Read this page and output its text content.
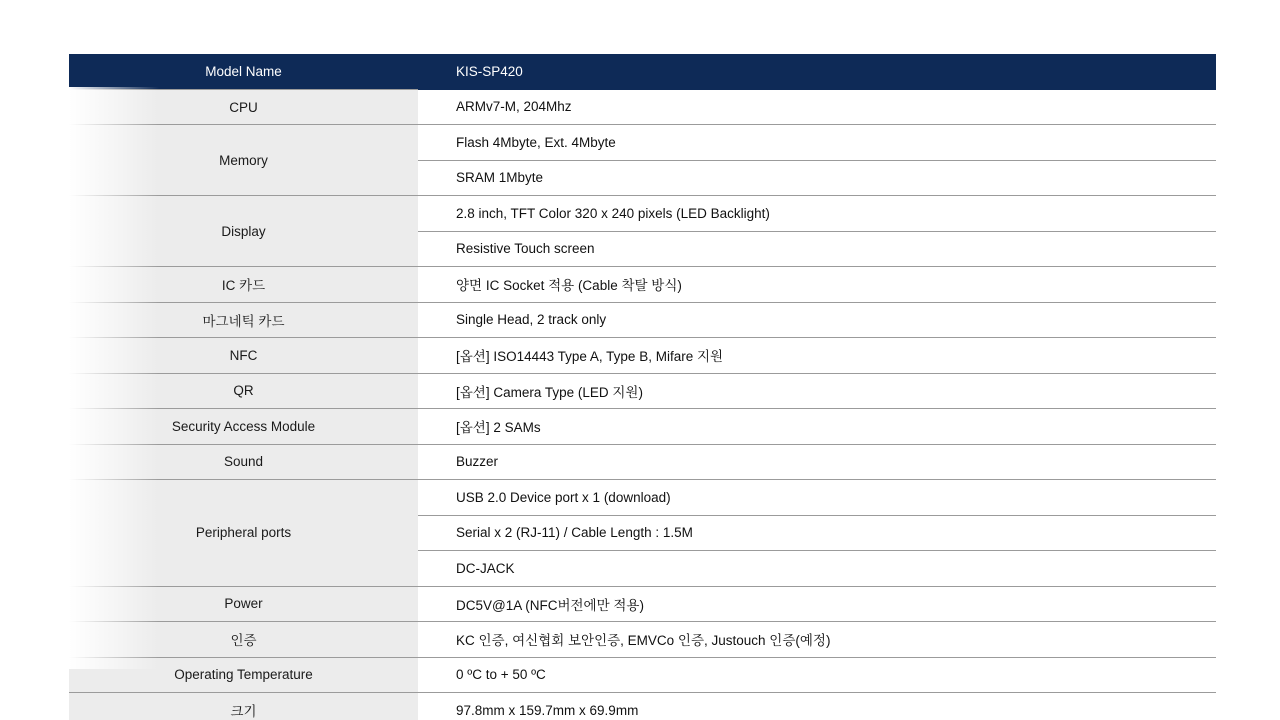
Model Name	KIS-SP420
CPU	ARMv7-M, 204Mhz
Memory	Flash 4Mbyte, Ext. 4Mbyte
	SRAM 1Mbyte
Display	2.8 inch, TFT Color 320 x 240 pixels (LED Backlight)
	Resistive Touch screen
IC 카드	양면 IC Socket 적용 (Cable 착탈 방식)
마그네틱 카드	Single Head, 2 track only
NFC	[옵션] ISO14443 Type A, Type B, Mifare 지원
QR	[옵션] Camera Type (LED 지원)
Security Access Module	[옵션] 2 SAMs
Sound	Buzzer
Peripheral ports	USB 2.0 Device port x 1 (download)
	Serial x 2 (RJ-11) / Cable Length : 1.5M
	DC-JACK
Power	DC5V@1A (NFC버전에만 적용)
인증	KC 인증, 여신협회 보안인증, EMVCo 인증, Justouch 인증(예정)
Operating Temperature	0 ºC to + 50 ºC
크기	97.8mm x 159.7mm x 69.9mm
